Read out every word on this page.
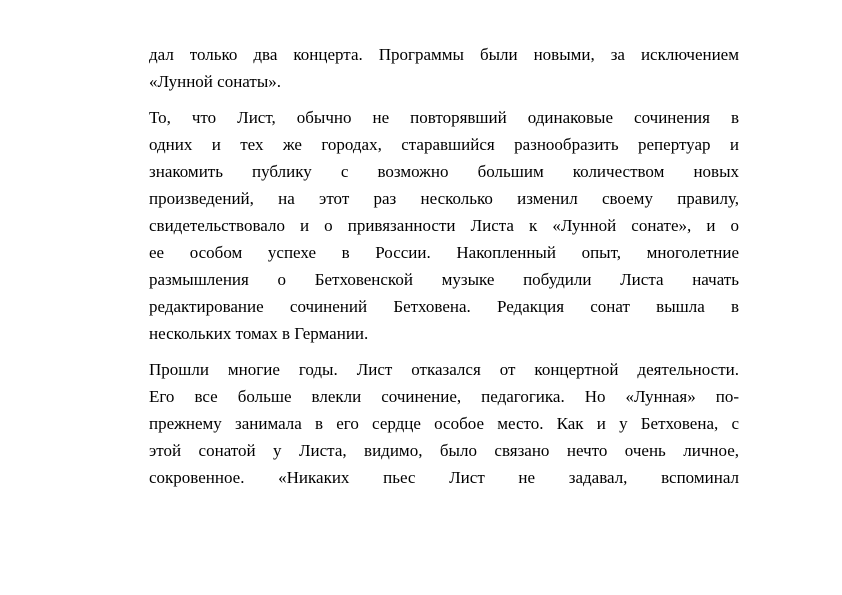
дал только два концерта. Программы были новыми, за исключением
«Лунной сонаты».
То, что Лист, обычно не повторявший одинаковые сочинения в
одних и тех же городах, старавшийся разнообразить репертуар и
знакомить публику с возможно большим количеством новых
произведений, на этот раз несколько изменил своему правилу,
свидетельствовало и о привязанности Листа к «Лунной сонате», и о
ее особом успехе в России. Накопленный опыт, многолетние
размышления о Бетховенской музыке побудили Листа начать
редактирование сочинений Бетховена. Редакция сонат вышла в
нескольких томах в Германии.
Прошли многие годы. Лист отказался от концертной деятельности.
Его все больше влекли сочинение, педагогика. Но «Лунная» по-
прежнему занимала в его сердце особое место. Как и у Бетховена, с
этой сонатой у Листа, видимо, было связано нечто очень личное,
сокровенное. «Никаких пьес Лист не задавал, вспоминал
